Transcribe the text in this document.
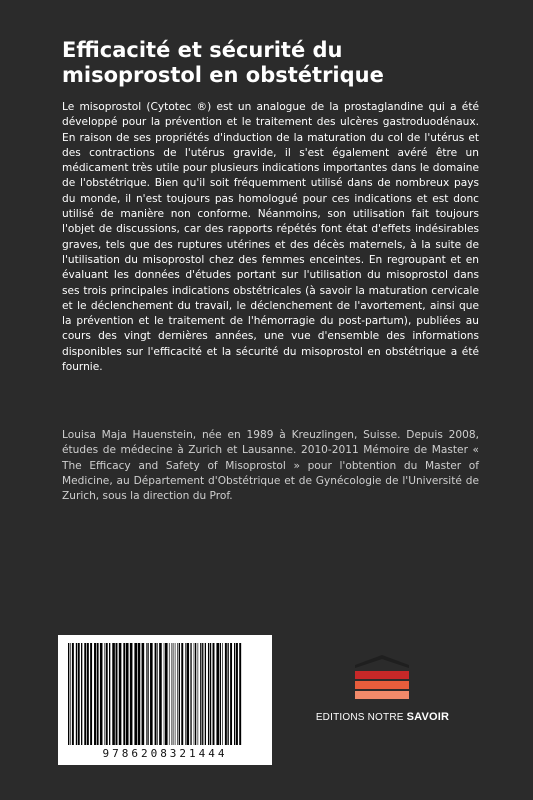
Efficacité et sécurité du misoprostol en obstétrique

Le misoprostol (Cytotec ®) est un analogue de la prostaglandine qui a été développé pour la prévention et le traitement des ulcères gastroduodénaux. En raison de ses propriétés d'induction de la maturation du col de l'utérus et des contractions de l'utérus gravide, il s'est également avéré être un médicament très utile pour plusieurs indications importantes dans le domaine de l'obstétrique. Bien qu'il soit fréquemment utilisé dans de nombreux pays du monde, il n'est toujours pas homologué pour ces indications et est donc utilisé de manière non conforme. Néanmoins, son utilisation fait toujours l'objet de discussions, car des rapports répétés font état d'effets indésirables graves, tels que des ruptures utérines et des décès maternels, à la suite de l'utilisation du misoprostol chez des femmes enceintes. En regroupant et en évaluant les données d'études portant sur l'utilisation du misoprostol dans ses trois principales indications obstétricales (à savoir la maturation cervicale et le déclenchement du travail, le déclenchement de l'avortement, ainsi que la prévention et le traitement de l'hémorragie du post-partum), publiées au cours des vingt dernières années, une vue d'ensemble des informations disponibles sur l'efficacité et la sécurité du misoprostol en obstétrique a été fournie.

Louisa Maja Hauenstein, née en 1989 à Kreuzlingen, Suisse. Depuis 2008, études de médecine à Zurich et Lausanne. 2010-2011 Mémoire de Master « The Efficacy and Safety of Misoprostol » pour l'obtention du Master of Medicine, au Département d'Obstétrique et de Gynécologie de l'Université de Zurich, sous la direction du Prof.

9786208321444
EDITIONS NOTRE SAVOIR
